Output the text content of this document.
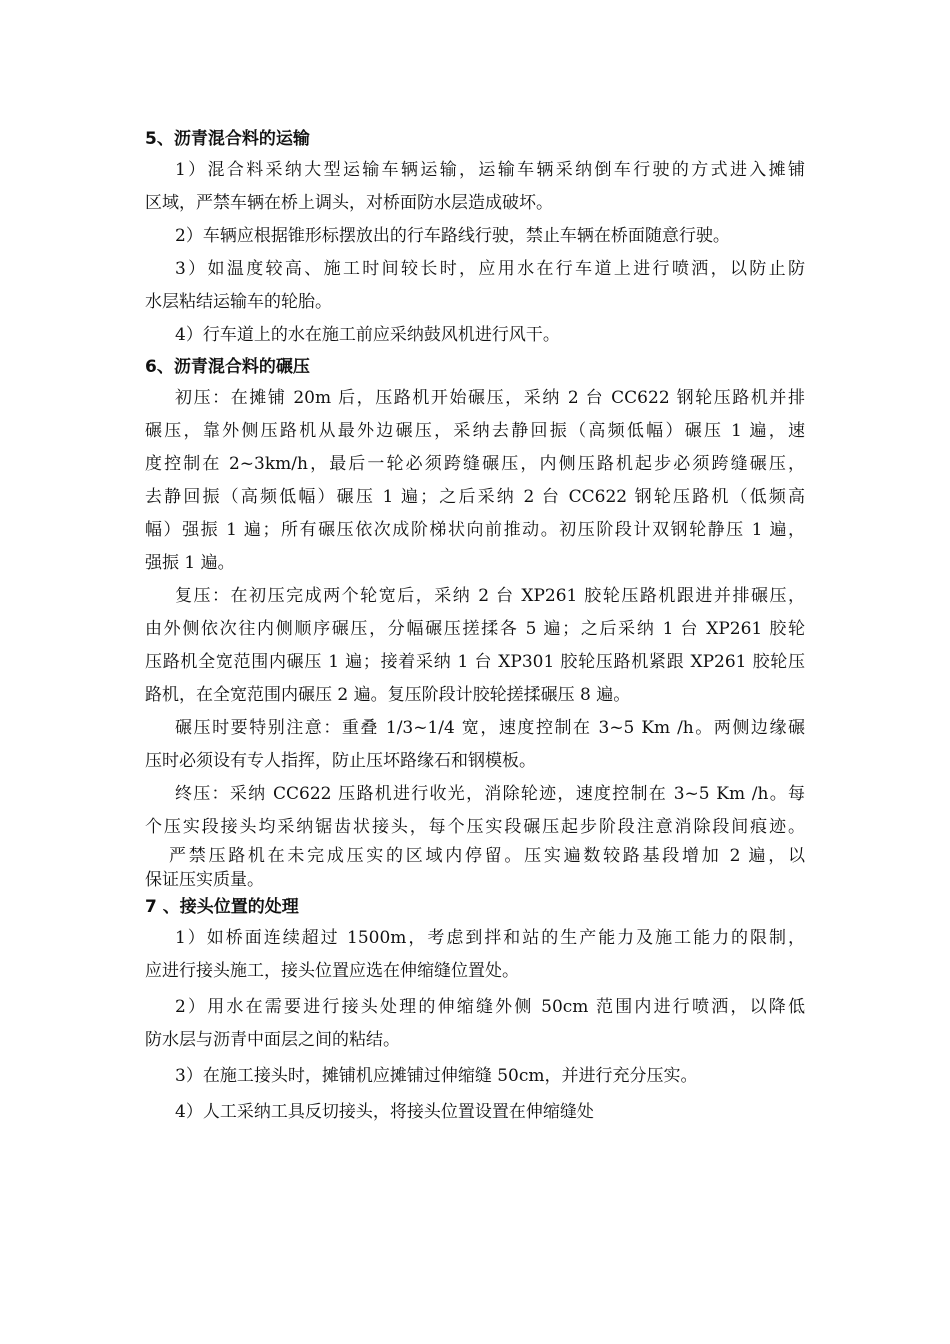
5、沥青混合料的运输
1）混合料采纳大型运输车辆运输，运输车辆采纳倒车行驶的方式进入摊铺
区域，严禁车辆在桥上调头，对桥面防水层造成破坏。
2）车辆应根据锥形标摆放出的行车路线行驶，禁止车辆在桥面随意行驶。
3）如温度较高、施工时间较长时，应用水在行车道上进行喷洒，以防止防
水层粘结运输车的轮胎。
4）行车道上的水在施工前应采纳鼓风机进行风干。
6、沥青混合料的碾压
初压：在摊铺 20m 后，压路机开始碾压，采纳 2 台 CC622 钢轮压路机并排
碾压，靠外侧压路机从最外边碾压，采纳去静回振（高频低幅）碾压 1 遍，速
度控制在 2~3km/h，最后一轮必须跨缝碾压，内侧压路机起步必须跨缝碾压，
去静回振（高频低幅）碾压 1 遍；之后采纳 2 台 CC622 钢轮压路机（低频高
幅）强振 1 遍；所有碾压依次成阶梯状向前推动。初压阶段计双钢轮静压 1 遍，
强振 1 遍。
复压：在初压完成两个轮宽后，采纳 2 台 XP261 胶轮压路机跟进并排碾压，
由外侧依次往内侧顺序碾压，分幅碾压搓揉各 5 遍；之后采纳 1 台 XP261 胶轮
压路机全宽范围内碾压 1 遍；接着采纳 1 台 XP301 胶轮压路机紧跟 XP261 胶轮压
路机，在全宽范围内碾压 2 遍。复压阶段计胶轮搓揉碾压 8 遍。
碾压时要特别注意：重叠 1/3~1/4 宽，速度控制在 3~5 Km /h。两侧边缘碾
压时必须设有专人指挥，防止压坏路缘石和钢模板。
终压：采纳 CC622 压路机进行收光，消除轮迹，速度控制在 3~5 Km /h。每
个压实段接头均采纳锯齿状接头，每个压实段碾压起步阶段注意消除段间痕迹。
严禁压路机在未完成压实的区域内停留。压实遍数较路基段增加 2 遍，以
保证压实质量。
7 、接头位置的处理
1）如桥面连续超过 1500m，考虑到拌和站的生产能力及施工能力的限制，
应进行接头施工，接头位置应选在伸缩缝位置处。
2）用水在需要进行接头处理的伸缩缝外侧 50cm 范围内进行喷洒，以降低
防水层与沥青中面层之间的粘结。
3）在施工接头时，摊铺机应摊铺过伸缩缝 50cm，并进行充分压实。
4）人工采纳工具反切接头，将接头位置设置在伸缩缝处
